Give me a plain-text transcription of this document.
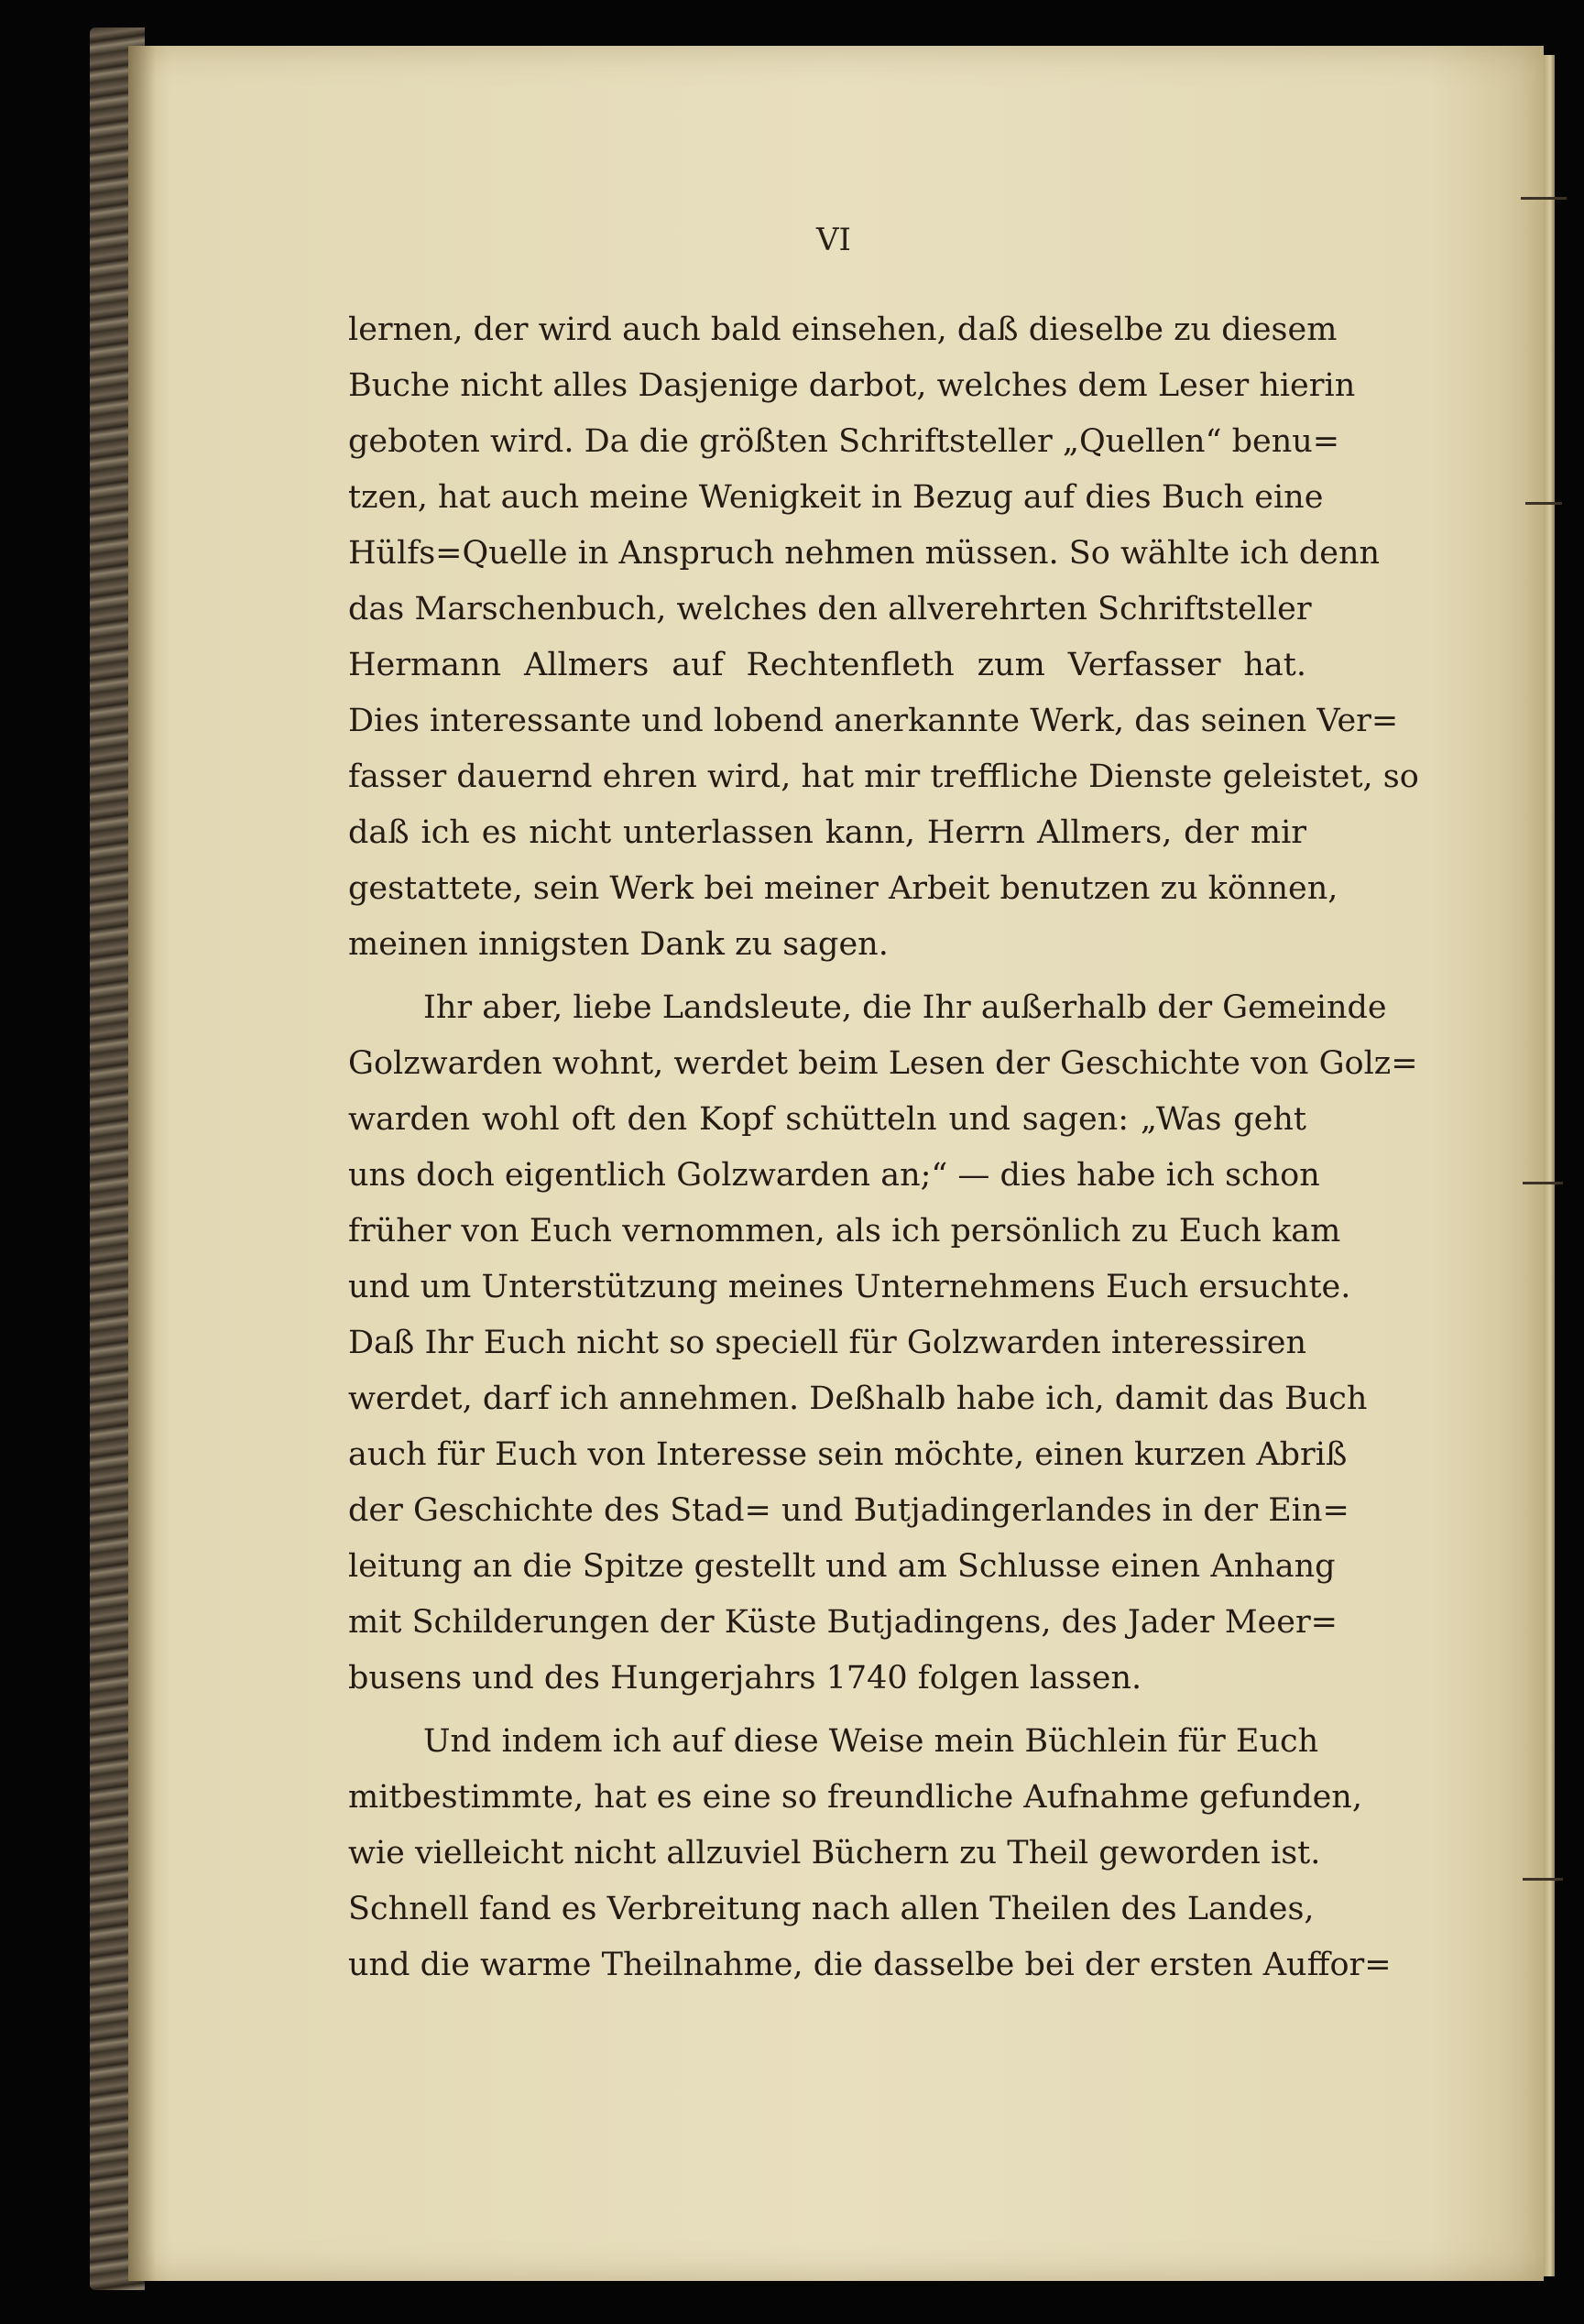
VI
lernen, der wird auch bald einsehen, daß dieselbe zu diesem
Buche nicht alles Dasjenige darbot, welches dem Leser hierin
geboten wird. Da die größten Schriftsteller „Quellen“ benu=
tzen, hat auch meine Wenigkeit in Bezug auf dies Buch eine
Hülfs=Quelle in Anspruch nehmen müssen. So wählte ich denn
das Marschenbuch, welches den allverehrten Schriftsteller
Hermann Allmers auf Rechtenfleth zum Verfasser hat.
Dies interessante und lobend anerkannte Werk, das seinen Ver=
fasser dauernd ehren wird, hat mir treffliche Dienste geleistet, so
daß ich es nicht unterlassen kann, Herrn Allmers, der mir
gestattete, sein Werk bei meiner Arbeit benutzen zu können,
meinen innigsten Dank zu sagen.
Ihr aber, liebe Landsleute, die Ihr außerhalb der Gemeinde
Golzwarden wohnt, werdet beim Lesen der Geschichte von Golz=
warden wohl oft den Kopf schütteln und sagen: „Was geht
uns doch eigentlich Golzwarden an;“ — dies habe ich schon
früher von Euch vernommen, als ich persönlich zu Euch kam
und um Unterstützung meines Unternehmens Euch ersuchte.
Daß Ihr Euch nicht so speciell für Golzwarden interessiren
werdet, darf ich annehmen. Deßhalb habe ich, damit das Buch
auch für Euch von Interesse sein möchte, einen kurzen Abriß
der Geschichte des Stad= und Butjadingerlandes in der Ein=
leitung an die Spitze gestellt und am Schlusse einen Anhang
mit Schilderungen der Küste Butjadingens, des Jader Meer=
busens und des Hungerjahrs 1740 folgen lassen.
Und indem ich auf diese Weise mein Büchlein für Euch
mitbestimmte, hat es eine so freundliche Aufnahme gefunden,
wie vielleicht nicht allzuviel Büchern zu Theil geworden ist.
Schnell fand es Verbreitung nach allen Theilen des Landes,
und die warme Theilnahme, die dasselbe bei der ersten Auffor=
